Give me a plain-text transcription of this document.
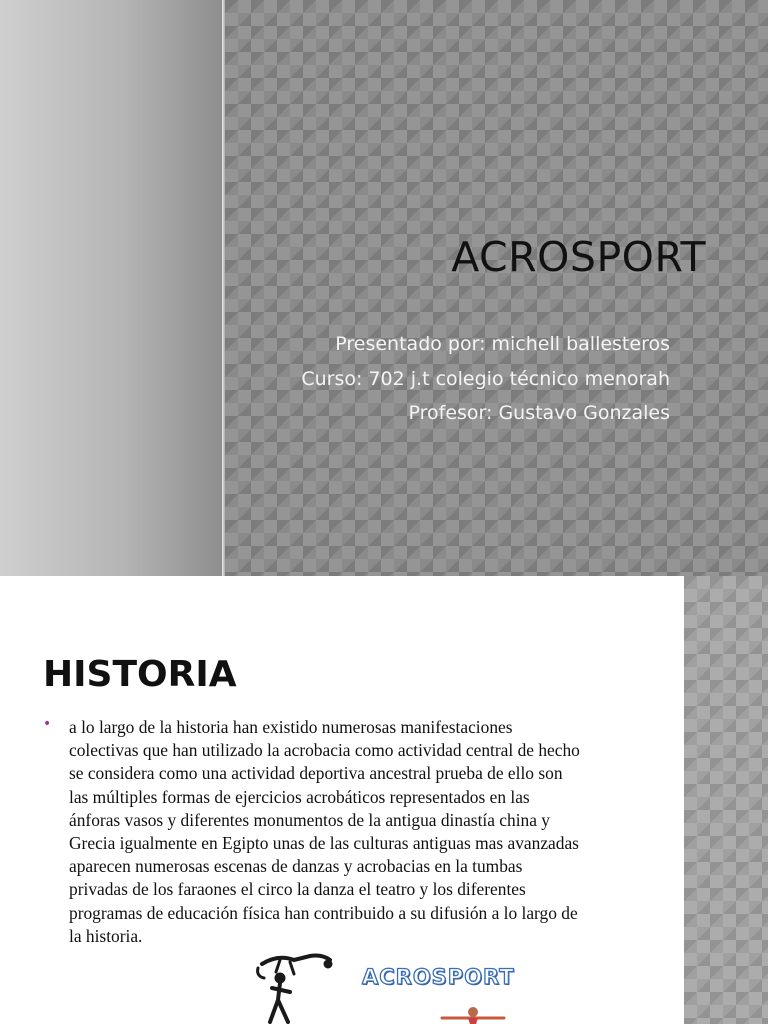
ACROSPORT
Presentado por: michell ballesteros
Curso: 702 j.t colegio técnico menorah
Profesor: Gustavo Gonzales
HISTORIA
• a lo largo de la historia han existido numerosas manifestaciones
colectivas que han utilizado la acrobacia como actividad central de hecho
se considera como una actividad deportiva ancestral prueba de ello son
las múltiples formas de ejercicios acrobáticos representados en las
ánforas vasos y diferentes monumentos de la antigua dinastía china y
Grecia igualmente en Egipto unas de las culturas antiguas mas avanzadas
aparecen numerosas escenas de danzas y acrobacias en la tumbas
privadas de los faraones el circo la danza el teatro y los diferentes
programas de educación física han contribuido a su difusión a lo largo de
la historia.

ACROSPORT
